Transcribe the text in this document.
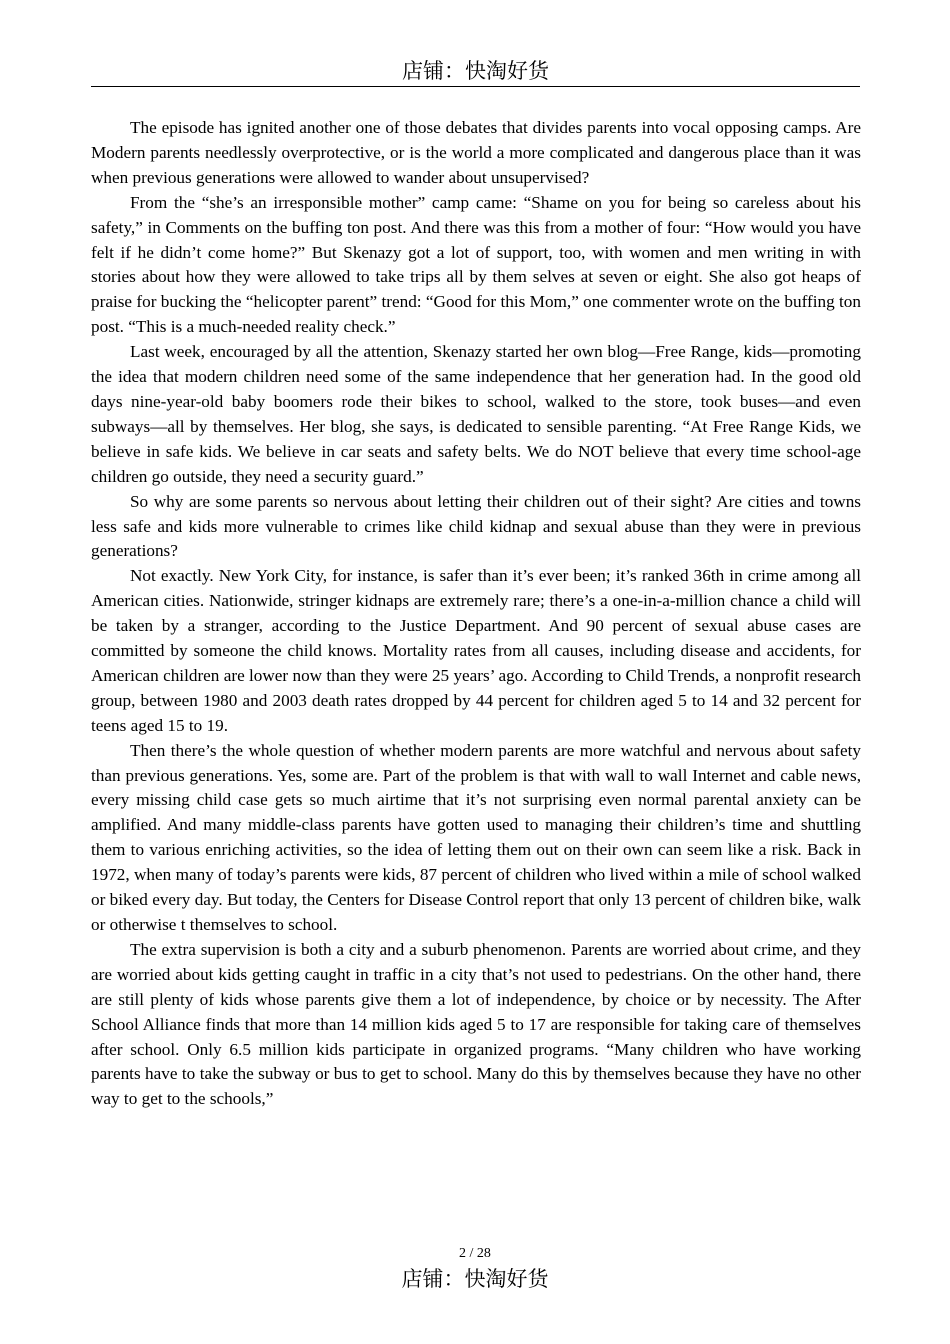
店铺：快淘好货

The episode has ignited another one of those debates that divides parents into vocal opposing camps. Are Modern parents needlessly overprotective, or is the world a more complicated and dangerous place than it was when previous generations were allowed to wander about unsupervised?

From the “she’s an irresponsible mother” camp came: “Shame on you for being so careless about his safety,” in Comments on the buffing ton post. And there was this from a mother of four: “How would you have felt if he didn’t come home?” But Skenazy got a lot of support, too, with women and men writing in with stories about how they were allowed to take trips all by them selves at seven or eight. She also got heaps of praise for bucking the “helicopter parent” trend: “Good for this Mom,” one commenter wrote on the buffing ton post. “This is a much-needed reality check.”

Last week, encouraged by all the attention, Skenazy started her own blog—Free Range, kids—promoting the idea that modern children need some of the same independence that her generation had. In the good old days nine-year-old baby boomers rode their bikes to school, walked to the store, took buses—and even subways—all by themselves. Her blog, she says, is dedicated to sensible parenting. “At Free Range Kids, we believe in safe kids. We believe in car seats and safety belts. We do NOT believe that every time school-age children go outside, they need a security guard.”

So why are some parents so nervous about letting their children out of their sight? Are cities and towns less safe and kids more vulnerable to crimes like child kidnap and sexual abuse than they were in previous generations?

Not exactly. New York City, for instance, is safer than it’s ever been; it’s ranked 36th in crime among all American cities. Nationwide, stringer kidnaps are extremely rare; there’s a one-in-a-million chance a child will be taken by a stranger, according to the Justice Department. And 90 percent of sexual abuse cases are committed by someone the child knows. Mortality rates from all causes, including disease and accidents, for American children are lower now than they were 25 years’ ago. According to Child Trends, a nonprofit research group, between 1980 and 2003 death rates dropped by 44 percent for children aged 5 to 14 and 32 percent for teens aged 15 to 19.

Then there’s the whole question of whether modern parents are more watchful and nervous about safety than previous generations. Yes, some are. Part of the problem is that with wall to wall Internet and cable news, every missing child case gets so much airtime that it’s not surprising even normal parental anxiety can be amplified. And many middle-class parents have gotten used to managing their children’s time and shuttling them to various enriching activities, so the idea of letting them out on their own can seem like a risk. Back in 1972, when many of today’s parents were kids, 87 percent of children who lived within a mile of school walked or biked every day. But today, the Centers for Disease Control report that only 13 percent of children bike, walk or otherwise t themselves to school.

The extra supervision is both a city and a suburb phenomenon. Parents are worried about crime, and they are worried about kids getting caught in traffic in a city that’s not used to pedestrians. On the other hand, there are still plenty of kids whose parents give them a lot of independence, by choice or by necessity. The After School Alliance finds that more than 14 million kids aged 5 to 17 are responsible for taking care of themselves after school. Only 6.5 million kids participate in organized programs. “Many children who have working parents have to take the subway or bus to get to school. Many do this by themselves because they have no other way to get to the schools,”

2 / 28
店铺：快淘好货
